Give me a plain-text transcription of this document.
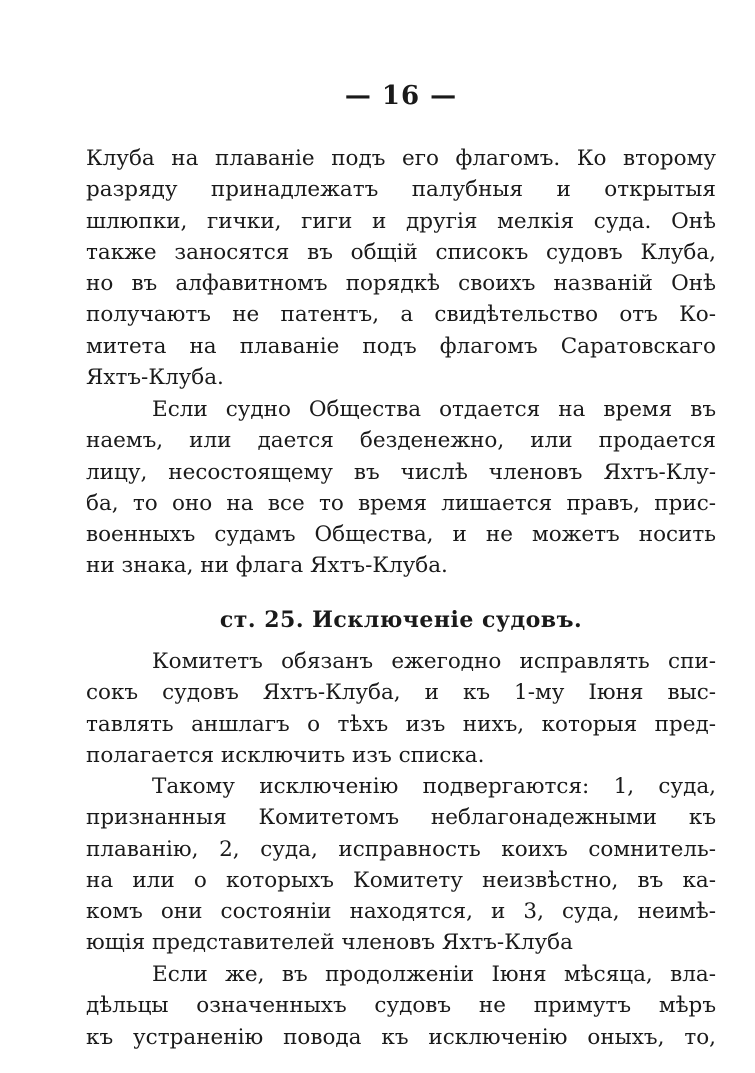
— 16 —
Клуба на плаванiе подъ его флагомъ. Ко второму
разряду принадлежатъ палубныя и открытыя
шлюпки, гички, гиги и другiя мелкiя суда. Онѣ
также заносятся въ общiй списокъ судовъ Клуба,
но въ алфавитномъ порядкѣ своихъ названiй Онѣ
получаютъ не патентъ, а свидѣтельство отъ Ко-
митета на плаванiе подъ флагомъ Саратовскаго
Яхтъ-Клуба.
Если судно Общества отдается на время въ
наемъ, или дается безденежно, или продается
лицу, несостоящему въ числѣ членовъ Яхтъ-Клу-
ба, то оно на все то время лишается правъ, прис-
военныхъ судамъ Общества, и не можетъ носить
ни знака, ни флага Яхтъ-Клуба.
ст. 25. Исключенiе судовъ.
Комитетъ обязанъ ежегодно исправлять спи-
сокъ судовъ Яхтъ-Клуба, и къ 1-му Iюня выс-
тавлять аншлагъ о тѣхъ изъ нихъ, которыя пред-
полагается исключить изъ списка.
Такому исключенiю подвергаются: 1, суда,
признанныя Комитетомъ неблагонадежными къ
плаванiю, 2, суда, исправность коихъ сомнитель-
на или о которыхъ Комитету неизвѣстно, въ ка-
комъ они состоянiи находятся, и 3, суда, неимѣ-
ющiя представителей членовъ Яхтъ-Клуба
Если же, въ продолженiи Iюня мѣсяца, вла-
дѣльцы означенныхъ судовъ не примутъ мѣръ
къ устраненiю повода къ исключенiю оныхъ, то,
